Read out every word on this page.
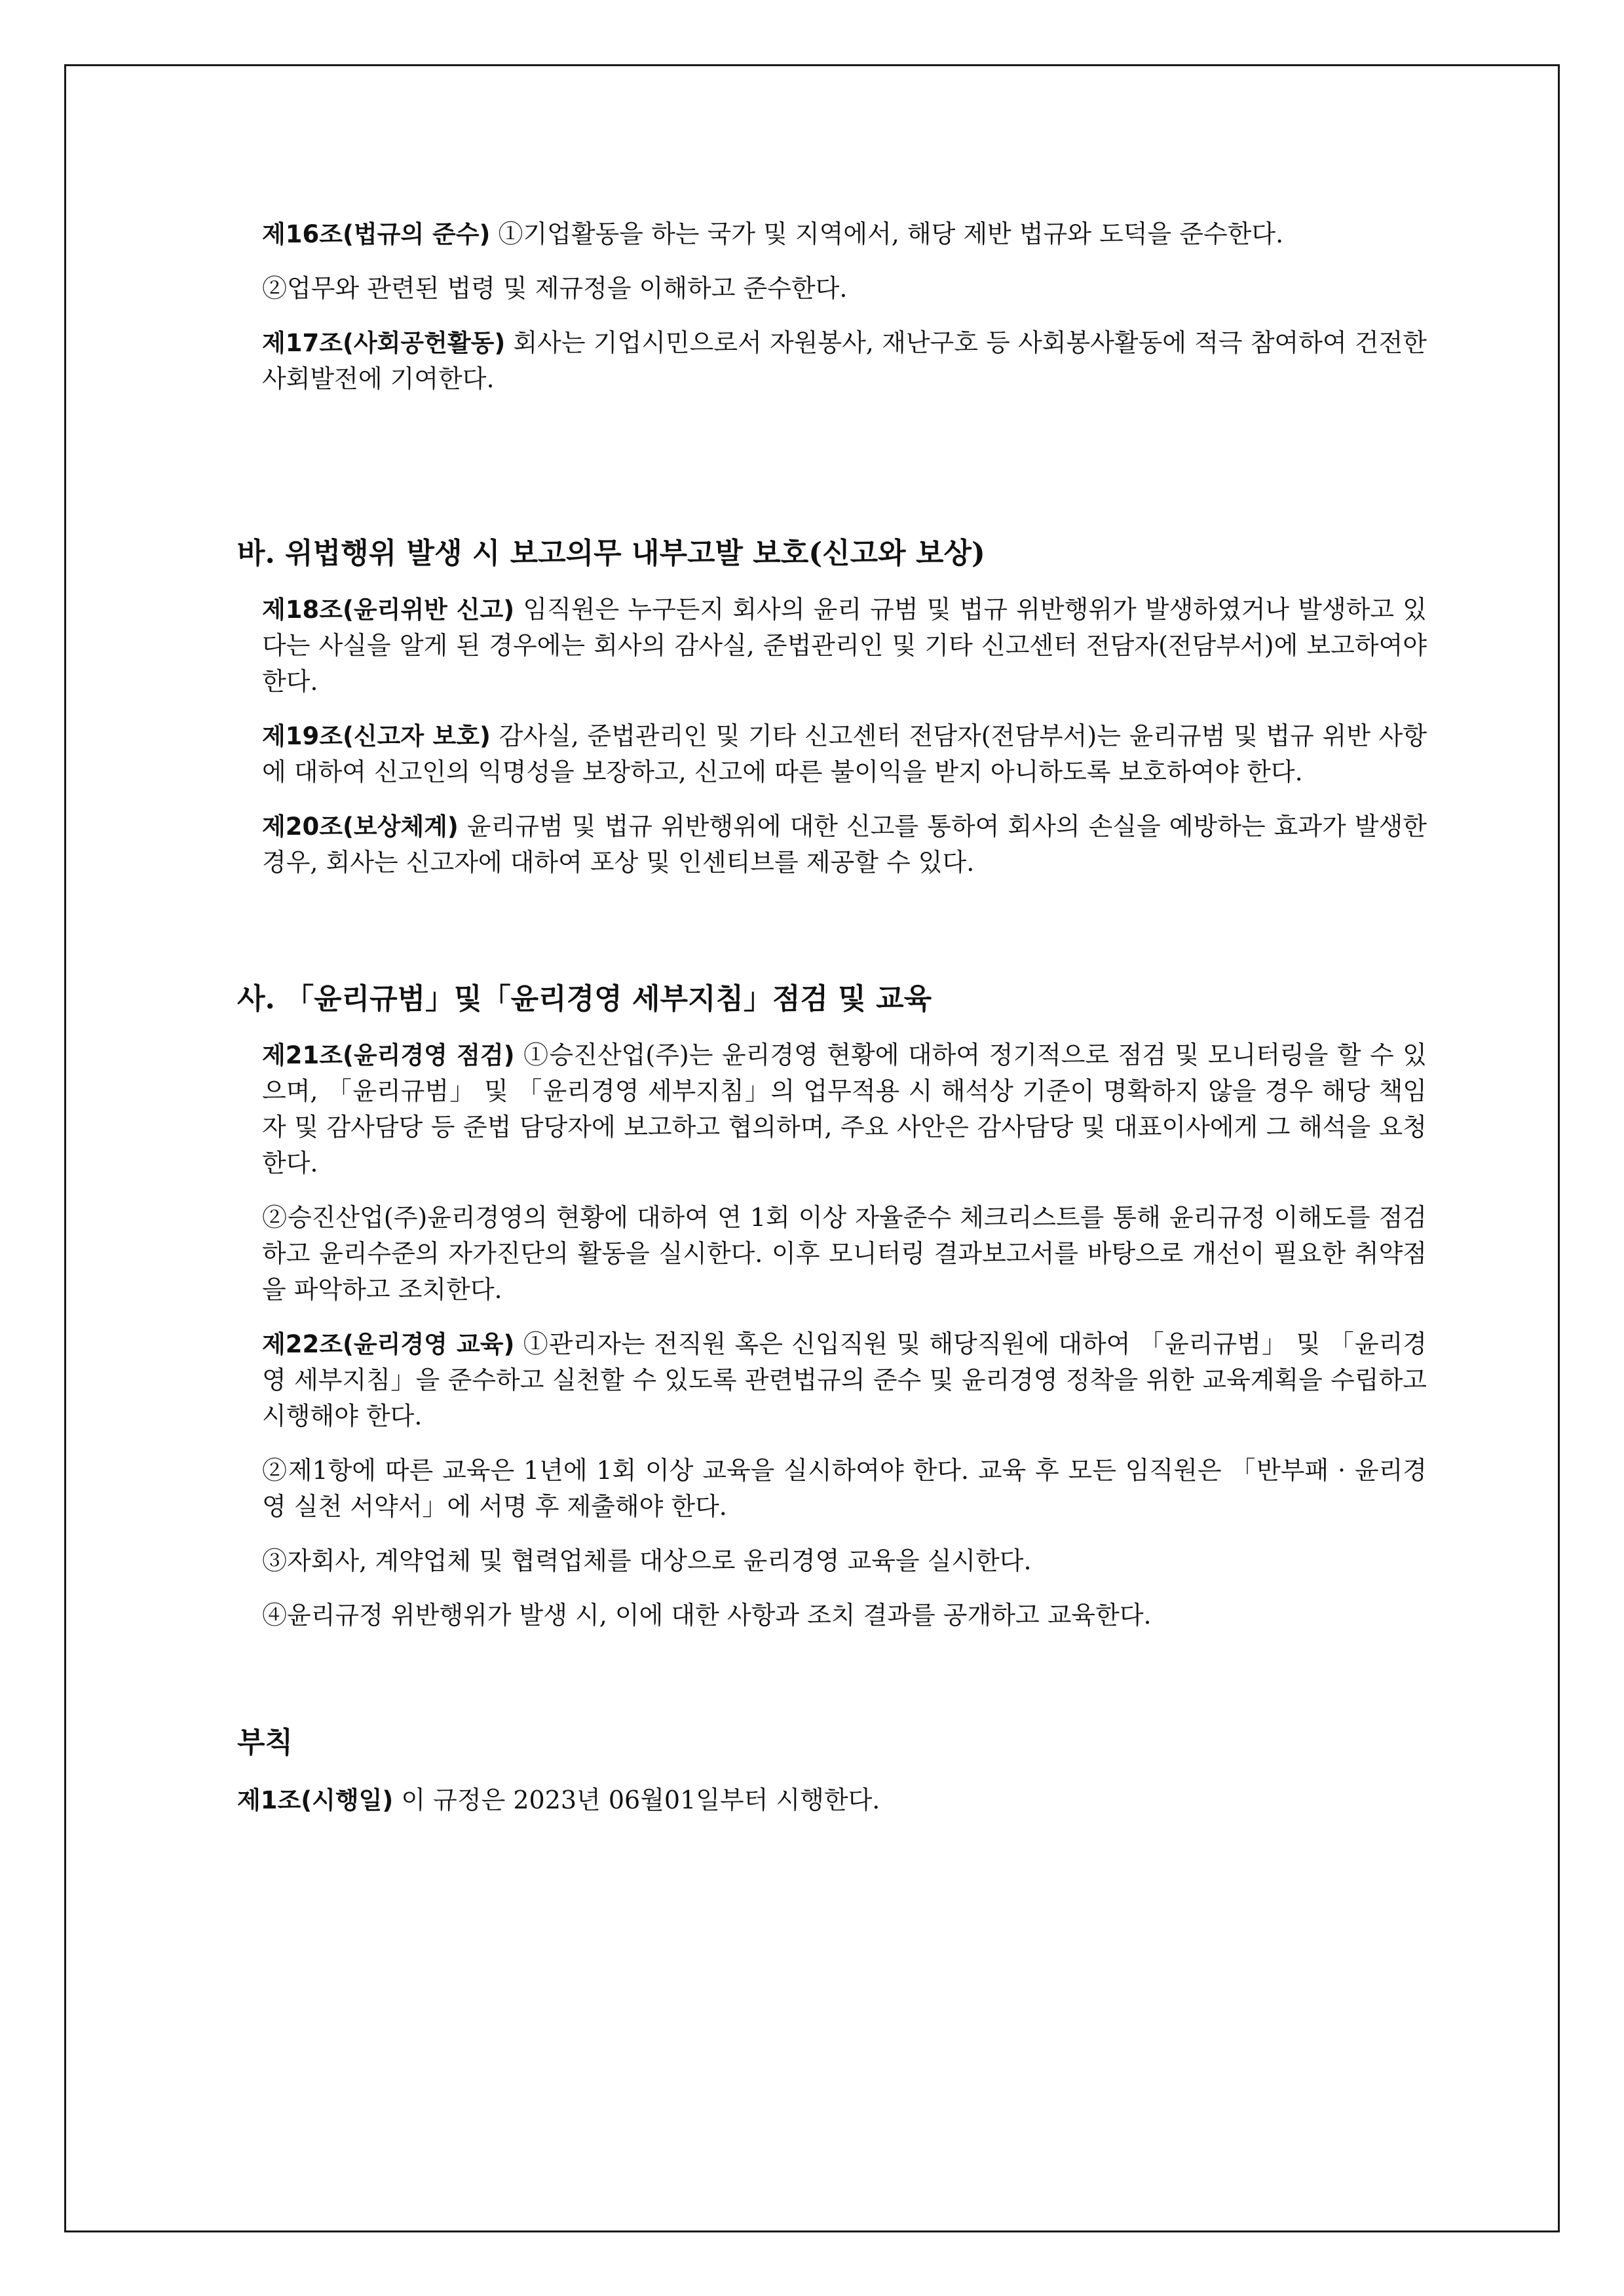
제16조(법규의 준수) ①기업활동을 하는 국가 및 지역에서, 해당 제반 법규와 도덕을 준수한다.

②업무와 관련된 법령 및 제규정을 이해하고 준수한다.

제17조(사회공헌활동) 회사는 기업시민으로서 자원봉사, 재난구호 등 사회봉사활동에 적극 참여하여 건전한 사회발전에 기여한다.

바. 위법행위 발생 시 보고의무 내부고발 보호(신고와 보상)

제18조(윤리위반 신고) 임직원은 누구든지 회사의 윤리 규범 및 법규 위반행위가 발생하였거나 발생하고 있다는 사실을 알게 된 경우에는 회사의 감사실, 준법관리인 및 기타 신고센터 전담자(전담부서)에 보고하여야 한다.

제19조(신고자 보호) 감사실, 준법관리인 및 기타 신고센터 전담자(전담부서)는 윤리규범 및 법규 위반 사항에 대하여 신고인의 익명성을 보장하고, 신고에 따른 불이익을 받지 아니하도록 보호하여야 한다.

제20조(보상체계) 윤리규범 및 법규 위반행위에 대한 신고를 통하여 회사의 손실을 예방하는 효과가 발생한 경우, 회사는 신고자에 대하여 포상 및 인센티브를 제공할 수 있다.

사. 「윤리규범」및「윤리경영 세부지침」점검 및 교육

제21조(윤리경영 점검) ①승진산업(주)는 윤리경영 현황에 대하여 정기적으로 점검 및 모니터링을 할 수 있으며, 「윤리규범」 및 「윤리경영 세부지침」의 업무적용 시 해석상 기준이 명확하지 않을 경우 해당 책임자 및 감사담당 등 준법 담당자에 보고하고 협의하며, 주요 사안은 감사담당 및 대표이사에게 그 해석을 요청한다.

②승진산업(주)윤리경영의 현황에 대하여 연 1회 이상 자율준수 체크리스트를 통해 윤리규정 이해도를 점검하고 윤리수준의 자가진단의 활동을 실시한다. 이후 모니터링 결과보고서를 바탕으로 개선이 필요한 취약점을 파악하고 조치한다.

제22조(윤리경영 교육) ①관리자는 전직원 혹은 신입직원 및 해당직원에 대하여 「윤리규범」 및 「윤리경영 세부지침」을 준수하고 실천할 수 있도록 관련법규의 준수 및 윤리경영 정착을 위한 교육계획을 수립하고 시행해야 한다.

②제1항에 따른 교육은 1년에 1회 이상 교육을 실시하여야 한다. 교육 후 모든 임직원은 「반부패 · 윤리경영 실천 서약서」에 서명 후 제출해야 한다.

③자회사, 계약업체 및 협력업체를 대상으로 윤리경영 교육을 실시한다.

④윤리규정 위반행위가 발생 시, 이에 대한 사항과 조치 결과를 공개하고 교육한다.

부칙

제1조(시행일) 이 규정은 2023년 06월01일부터 시행한다.
